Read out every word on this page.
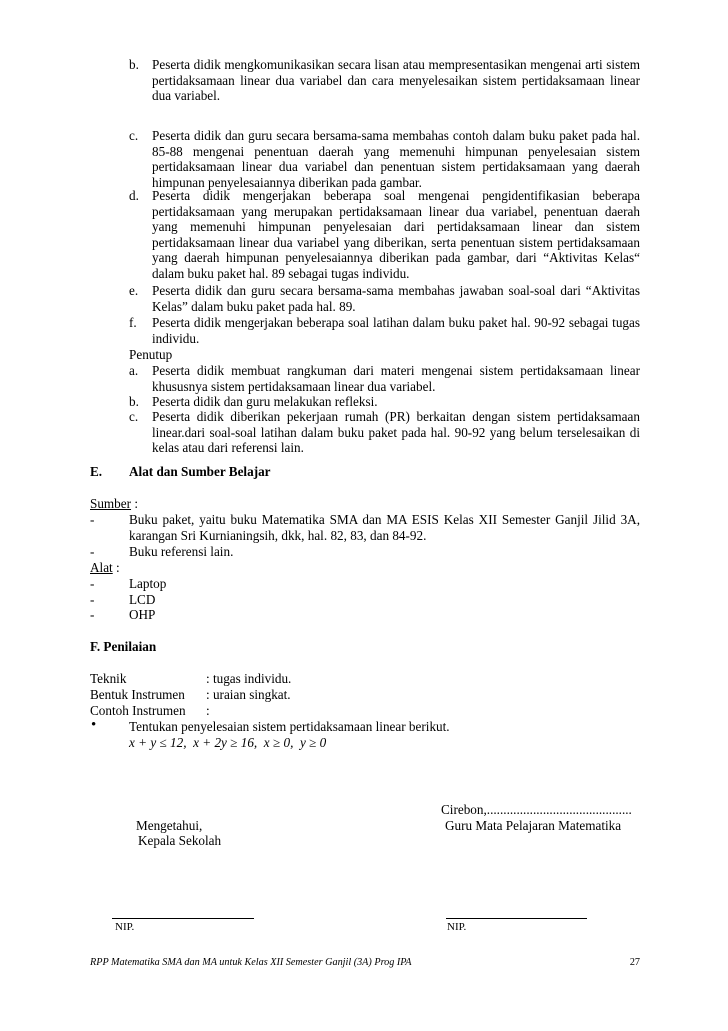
b. Peserta didik mengkomunikasikan secara lisan atau mempresentasikan mengenai arti sistem pertidaksamaan linear dua variabel dan cara menyelesaikan sistem pertidaksamaan linear dua variabel.
c. Peserta didik dan guru secara bersama-sama membahas contoh dalam buku paket pada hal. 85-88 mengenai penentuan daerah yang memenuhi himpunan penyelesaian sistem pertidaksamaan linear dua variabel dan penentuan sistem pertidaksamaan yang daerah himpunan penyelesaiannya diberikan pada gambar.
d. Peserta didik mengerjakan beberapa soal mengenai pengidentifikasian beberapa pertidaksamaan yang merupakan pertidaksamaan linear dua variabel, penentuan daerah yang memenuhi himpunan penyelesaian dari pertidaksamaan linear dan sistem pertidaksamaan linear dua variabel yang diberikan, serta penentuan sistem pertidaksamaan yang daerah himpunan penyelesaiannya diberikan pada gambar, dari “Aktivitas Kelas“ dalam buku paket hal. 89 sebagai tugas individu.
e. Peserta didik dan guru secara bersama-sama membahas jawaban soal-soal dari “Aktivitas Kelas” dalam buku paket pada hal. 89.
f. Peserta didik mengerjakan beberapa soal latihan dalam buku paket hal. 90-92 sebagai tugas individu.
Penutup
a. Peserta didik membuat rangkuman dari materi mengenai sistem pertidaksamaan linear khususnya sistem pertidaksamaan linear dua variabel.
b. Peserta didik dan guru melakukan refleksi.
c. Peserta didik diberikan pekerjaan rumah (PR) berkaitan dengan sistem pertidaksamaan linear.dari soal-soal latihan dalam buku paket pada hal. 90-92 yang belum terselesaikan di kelas atau dari referensi lain.
E. Alat dan Sumber Belajar
Sumber :
-	Buku paket, yaitu buku Matematika SMA dan MA ESIS Kelas XII Semester Ganjil Jilid 3A, karangan Sri Kurnianingsih, dkk, hal. 82, 83, dan 84-92.
-	Buku referensi lain.
Alat :
-	Laptop
-	LCD
-	OHP
F. Penilaian
Teknik	: tugas individu.
Bentuk Instrumen : uraian singkat.
Contoh Instrumen :
• Tentukan penyelesaian sistem pertidaksamaan linear berikut.
x + y ≤ 12,  x + 2y ≥ 16,  x ≥ 0,  y ≥ 0
Cirebon,............................................
Mengetahui,	Guru Mata Pelajaran Matematika
Kepala Sekolah
NIP.	NIP.
RPP Matematika SMA dan MA untuk Kelas XII Semester Ganjil (3A) Prog IPA	27
